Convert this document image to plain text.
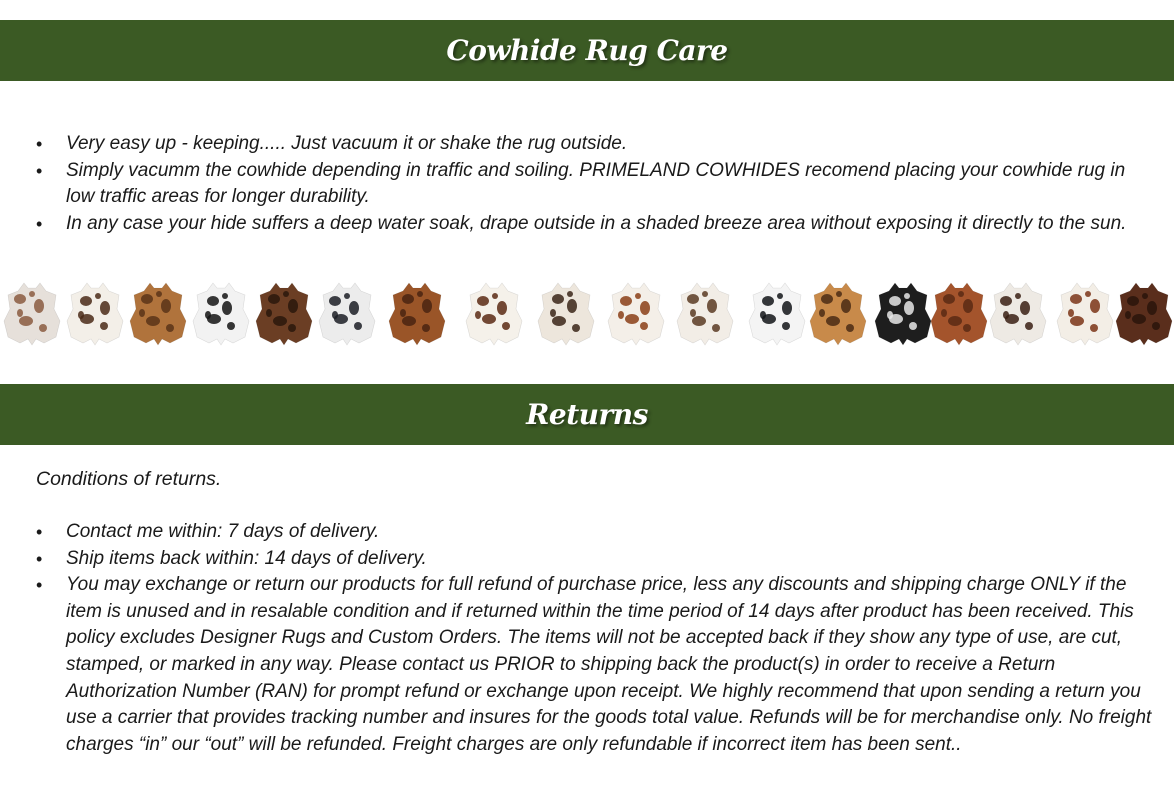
Cowhide Rug Care
• Very easy up - keeping..... Just vacuum it or shake the rug outside.
• Simply vacumm the cowhide depending in traffic and soiling. PRIMELAND COWHIDES recomend placing your cowhide rug in low traffic areas for longer durability.
• In any case your hide suffers a deep water soak, drape outside in a shaded breeze area without exposing it directly to the sun.
Returns
Conditions of returns.
• Contact me within: 7 days of delivery.
• Ship items back within: 14 days of delivery.
• You may exchange or return our products for full refund of purchase price, less any discounts and shipping charge ONLY if the item is unused and in resalable condition and if returned within the time period of 14 days after product has been received. This policy excludes Designer Rugs and Custom Orders. The items will not be accepted back if they show any type of use, are cut, stamped, or marked in any way. Please contact us PRIOR to shipping back the product(s) in order to receive a Return Authorization Number (RAN) for prompt refund or exchange upon receipt. We highly recommend that upon sending a return you use a carrier that provides tracking number and insures for the goods total value. Refunds will be for merchandise only. No freight charges “in” our “out” will be refunded. Freight charges are only refundable if incorrect item has been sent..
